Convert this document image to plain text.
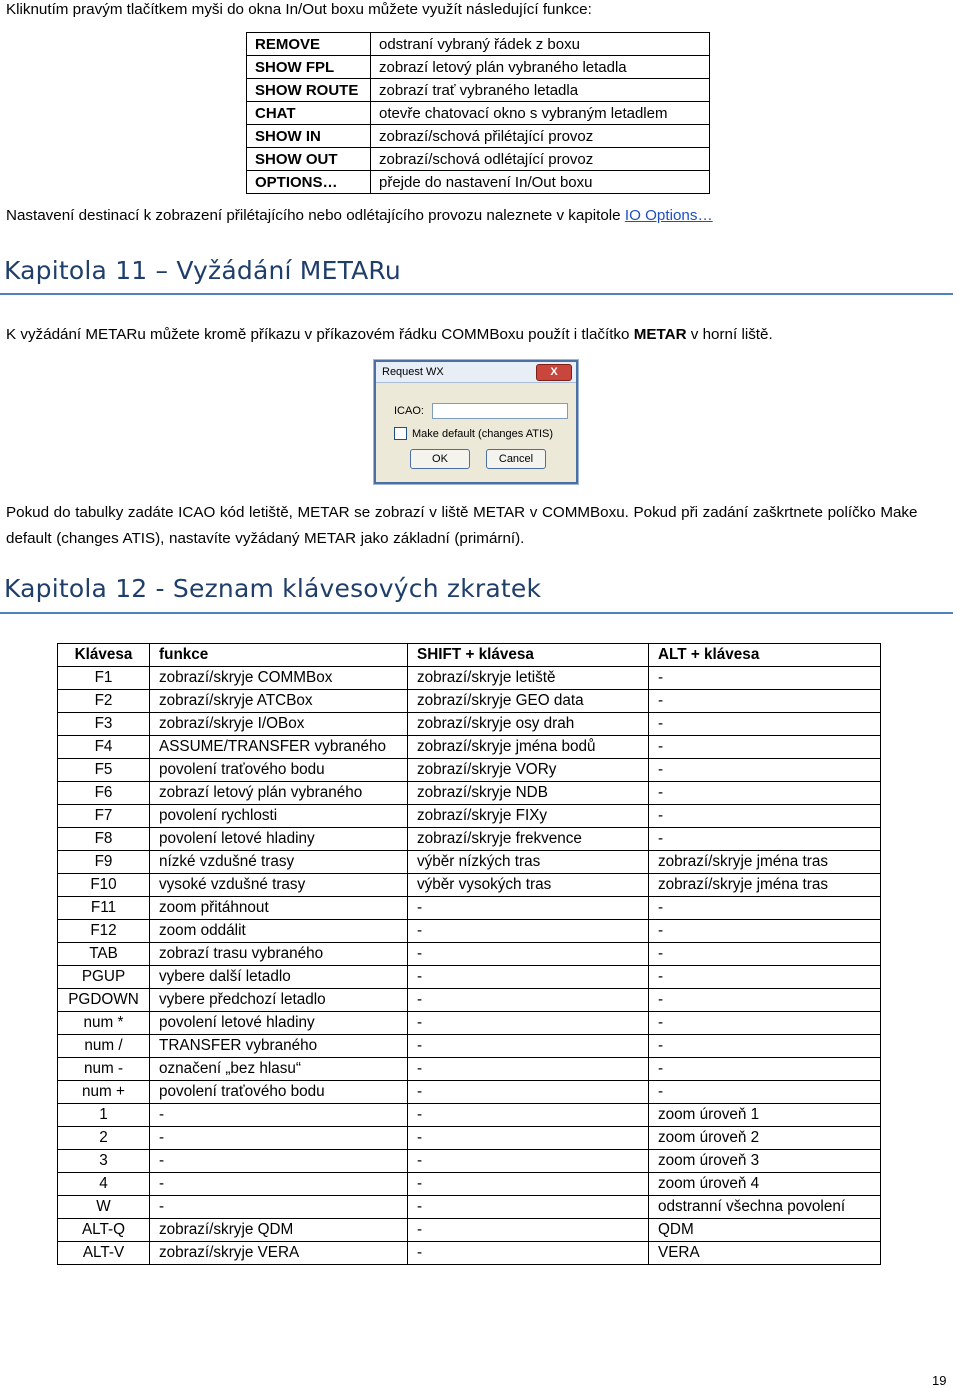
Kliknutím pravým tlačítkem myši do okna In/Out boxu můžete využít následující funkce:
REMOVE	odstraní vybraný řádek z boxu
SHOW FPL	zobrazí letový plán vybraného letadla
SHOW ROUTE	zobrazí trať vybraného letadla
CHAT	otevře chatovací okno s vybraným letadlem
SHOW IN	zobrazí/schová přilétající provoz
SHOW OUT	zobrazí/schová odlétající provoz
OPTIONS…	přejde do nastavení In/Out boxu
Nastavení destinací k zobrazení přilétajícího nebo odlétajícího provozu naleznete v kapitole IO Options…
Kapitola 11 – Vyžádání METARu
K vyžádání METARu můžete kromě příkazu v příkazovém řádku COMMBoxu použít i tlačítko METAR v horní liště.
Request WX	X
ICAO:
Make default (changes ATIS)
OK	Cancel
Pokud do tabulky zadáte ICAO kód letiště, METAR se zobrazí v liště METAR v COMMBoxu. Pokud při zadání zaškrtnete políčko Make default (changes ATIS), nastavíte vyžádaný METAR jako základní (primární).
Kapitola 12 - Seznam klávesových zkratek
Klávesa	funkce	SHIFT + klávesa	ALT + klávesa
F1	zobrazí/skryje COMMBox	zobrazí/skryje letiště	-
F2	zobrazí/skryje ATCBox	zobrazí/skryje GEO data	-
F3	zobrazí/skryje I/OBox	zobrazí/skryje osy drah	-
F4	ASSUME/TRANSFER vybraného	zobrazí/skryje jména bodů	-
F5	povolení traťového bodu	zobrazí/skryje VORy	-
F6	zobrazí letový plán vybraného	zobrazí/skryje NDB	-
F7	povolení rychlosti	zobrazí/skryje FIXy	-
F8	povolení letové hladiny	zobrazí/skryje frekvence	-
F9	nízké vzdušné trasy	výběr nízkých tras	zobrazí/skryje jména tras
F10	vysoké vzdušné trasy	výběr vysokých tras	zobrazí/skryje jména tras
F11	zoom přitáhnout	-	-
F12	zoom oddálit	-	-
TAB	zobrazí trasu vybraného	-	-
PGUP	vybere další letadlo	-	-
PGDOWN	vybere předchozí letadlo	-	-
num *	povolení letové hladiny	-	-
num /	TRANSFER vybraného	-	-
num -	označení „bez hlasu“	-	-
num +	povolení traťového bodu	-	-
1	-	-	zoom úroveň 1
2	-	-	zoom úroveň 2
3	-	-	zoom úroveň 3
4	-	-	zoom úroveň 4
W	-	-	odstranní všechna povolení
ALT-Q	zobrazí/skryje QDM	-	QDM
ALT-V	zobrazí/skryje VERA	-	VERA
19
